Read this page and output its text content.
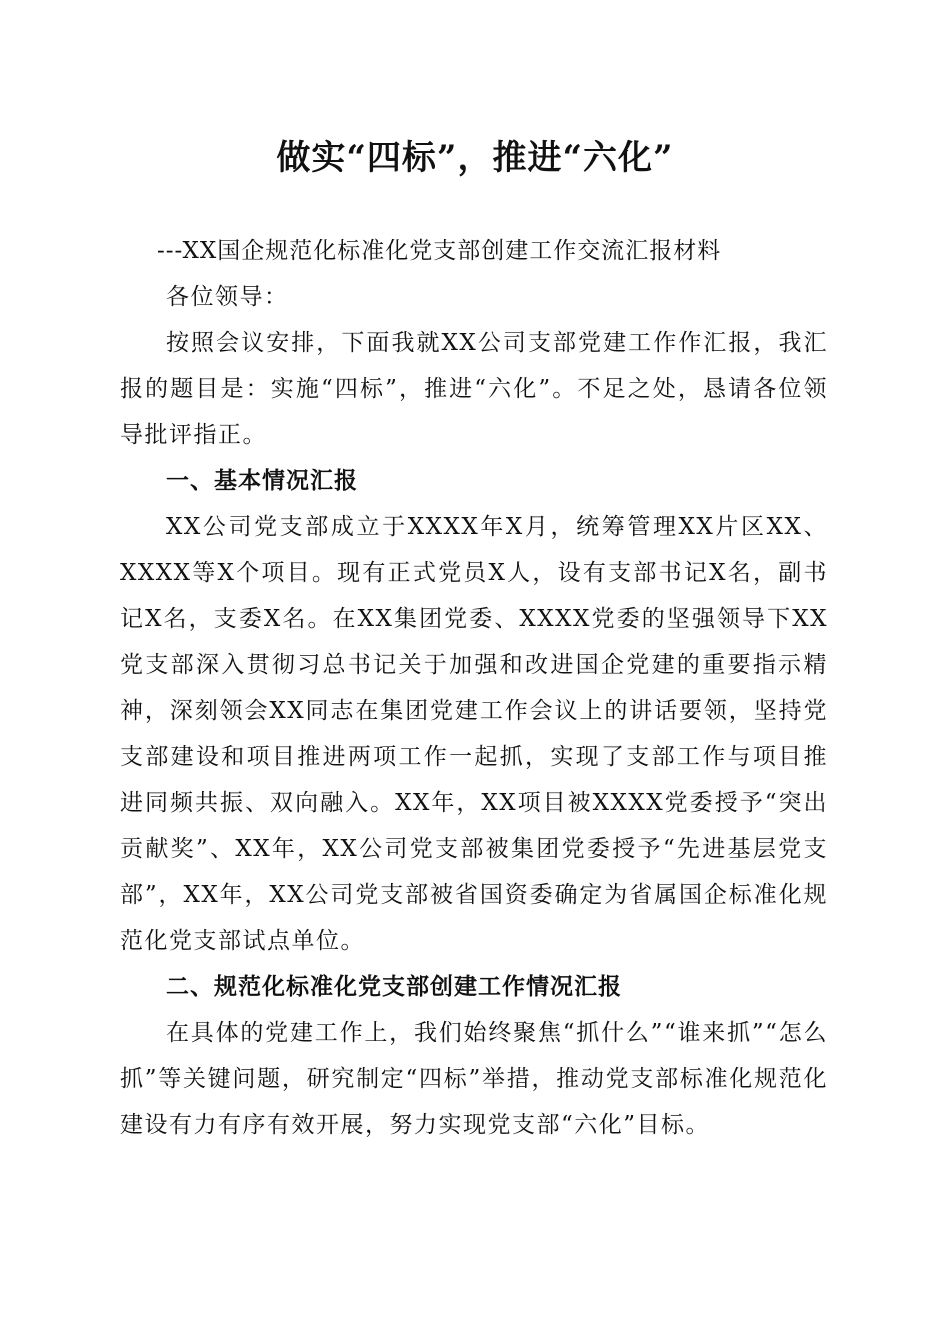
做实“四标”，推进“六化”

---XX国企规范化标准化党支部创建工作交流汇报材料

各位领导：

按照会议安排，下面我就XX公司支部党建工作作汇报，我汇报的题目是：实施“四标”，推进“六化”。不足之处，恳请各位领导批评指正。

一、基本情况汇报

XX公司党支部成立于XXXX年X月，统筹管理XX片区XX、XXXX等X个项目。现有正式党员X人，设有支部书记X名，副书记X名，支委X名。在XX集团党委、XXXX党委的坚强领导下XX党支部深入贯彻习总书记关于加强和改进国企党建的重要指示精神，深刻领会XX同志在集团党建工作会议上的讲话要领，坚持党支部建设和项目推进两项工作一起抓，实现了支部工作与项目推进同频共振、双向融入。XX年，XX项目被XXXX党委授予“突出贡献奖”、XX年，XX公司党支部被集团党委授予“先进基层党支部”，XX年，XX公司党支部被省国资委确定为省属国企标准化规范化党支部试点单位。

二、规范化标准化党支部创建工作情况汇报

在具体的党建工作上，我们始终聚焦“抓什么”“谁来抓”“怎么抓”等关键问题，研究制定“四标”举措，推动党支部标准化规范化建设有力有序有效开展，努力实现党支部“六化”目标。
